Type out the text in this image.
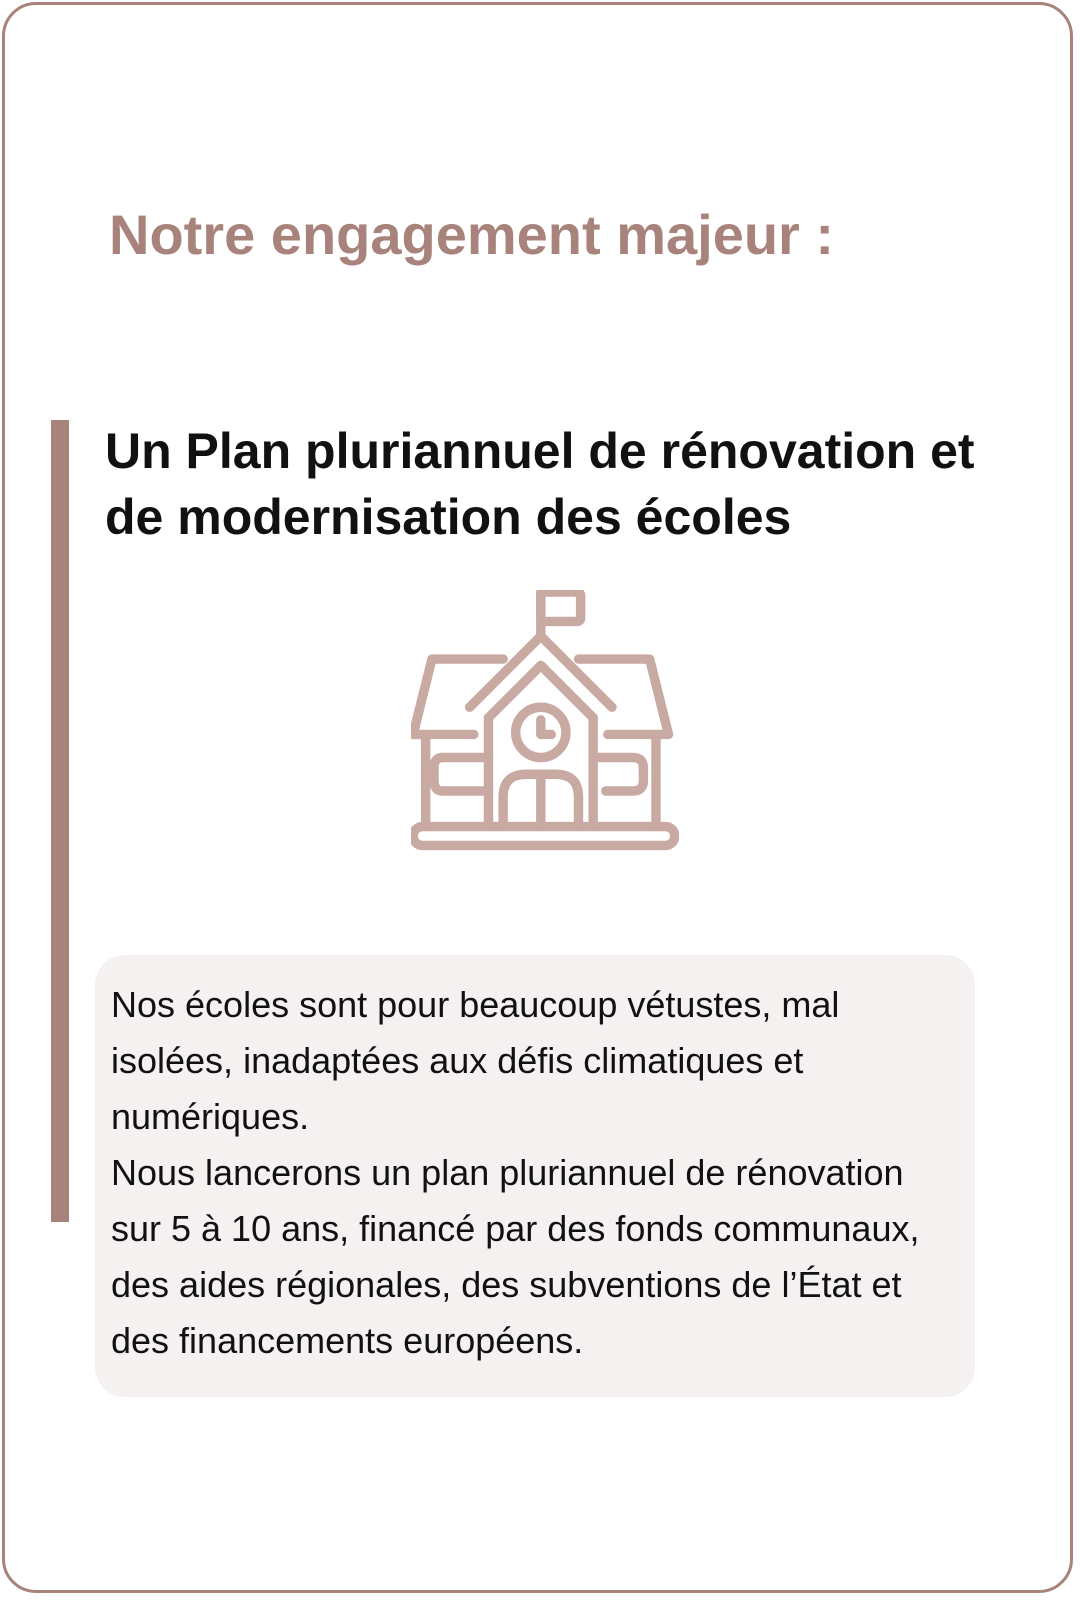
Notre engagement majeur :
Un Plan pluriannuel de rénovation et
de modernisation des écoles

Nos écoles sont pour beaucoup vétustes, mal
isolées, inadaptées aux défis climatiques et
numériques.
Nous lancerons un plan pluriannuel de rénovation
sur 5 à 10 ans, financé par des fonds communaux,
des aides régionales, des subventions de l’État et
des financements européens.
